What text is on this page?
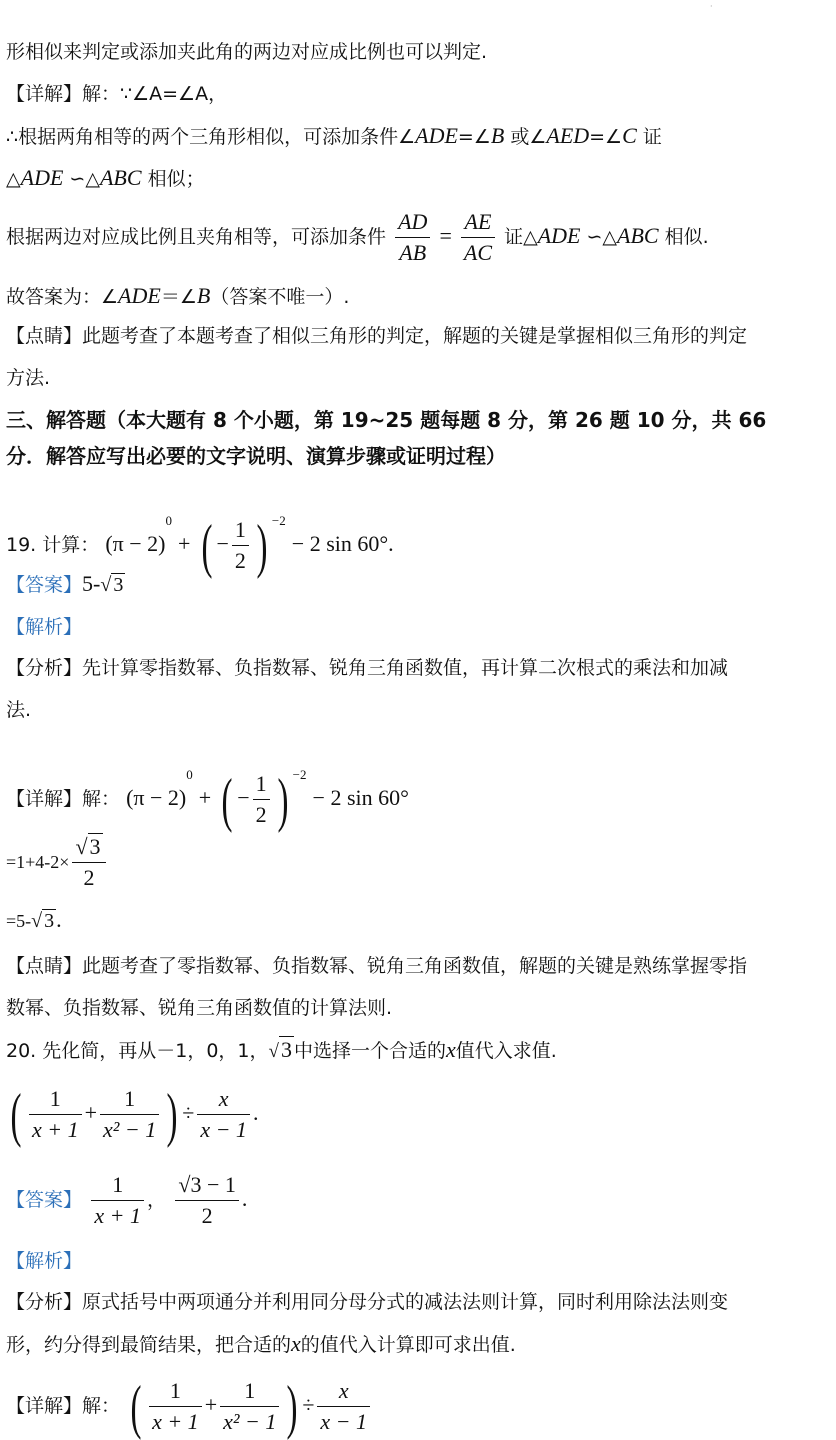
·
形相似来判定或添加夹此角的两边对应成比例也可以判定.
【详解】解：∵∠A=∠A，
∴根据两角相等的两个三角形相似，可添加条件∠ADE=∠B 或∠AED=∠C 证
△ADE ∽△ABC 相似；
根据两边对应成比例且夹角相等，可添加条件 $\frac{AD}{AB} = \frac{AE}{AC}$ 证△ADE ∽△ABC 相似.
故答案为：∠ADE＝∠B（答案不唯一）.
【点睛】此题考查了本题考查了相似三角形的判定，解题的关键是掌握相似三角形的判定
方法.
三、解答题（本大题有 8 个小题，第 19~25 题每题 8 分，第 26 题 10 分，共 66
分．解答应写出必要的文字说明、演算步骤或证明过程）
19. 计算： $(\pi - 2)^0$ + ( − $\frac{1}{2}$ ) $^{-2}$ − 2 sin 60°.
【答案】5-√ 3
【解析】
【分析】先计算零指数幂、负指数幂、锐角三角函数值，再计算二次根式的乘法和加减
法.
【详解】解： $(\pi - 2)^0$ + ( − $\frac{1}{2}$ ) $^{-2}$ − 2 sin 60°
$=1+4-2\times \frac{√3}{2}$
=5-√ 3.
【点睛】此题考查了零指数幂、负指数幂、锐角三角函数值，解题的关键是熟练掌握零指
数幂、负指数幂、锐角三角函数值的计算法则.
20. 先化简，再从－1，0，1，√3 中选择一个合适的x值代入求值.
( $\frac{1}{x + 1} + \frac{1}{\text{x² − 1}}$ ) ÷ $\frac{x}{x - 1}$ .
【答案】 $\frac{1}{x + 1}$ ， $\frac{√3 - 1}{2}$ .
【解析】
【分析】原式括号中两项通分并利用同分母分式的减法法则计算，同时利用除法法则变
形，约分得到最简结果，把合适的x的值代入计算即可求出值.
【详解】解： ( $\frac{1}{x + 1} + \frac{1}{\text{x² − 1}}$ ) ÷ $\frac{x}{x - 1}$
